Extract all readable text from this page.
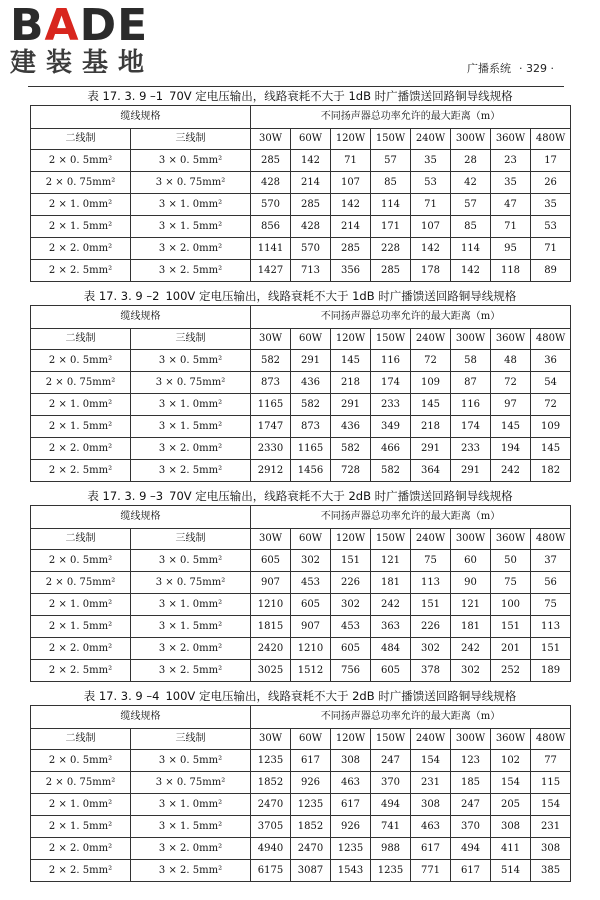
B A DE
建装基地	广播系统 · 329 ·
表 17. 3. 9 –1 70V 定电压输出，线路衰耗不大于 1dB 时广播馈送回路铜导线规格
缆线规格		不同扬声器总功率允许的最大距离（m）							
二线制	三线制	30W	60W	120W	150W	240W	300W	360W	480W
2 × 0. 5mm²	3 × 0. 5mm²	285	142	71	57	35	28	23	17
2 × 0. 75mm²	3 × 0. 75mm²	428	214	107	85	53	42	35	26
2 × 1. 0mm²	3 × 1. 0mm²	570	285	142	114	71	57	47	35
2 × 1. 5mm²	3 × 1. 5mm²	856	428	214	171	107	85	71	53
2 × 2. 0mm²	3 × 2. 0mm²	1141	570	285	228	142	114	95	71
2 × 2. 5mm²	3 × 2. 5mm²	1427	713	356	285	178	142	118	89
表 17. 3. 9 –2 100V 定电压输出，线路衰耗不大于 1dB 时广播馈送回路铜导线规格
缆线规格		不同扬声器总功率允许的最大距离（m）							
二线制	三线制	30W	60W	120W	150W	240W	300W	360W	480W
2 × 0. 5mm²	3 × 0. 5mm²	582	291	145	116	72	58	48	36
2 × 0. 75mm²	3 × 0. 75mm²	873	436	218	174	109	87	72	54
2 × 1. 0mm²	3 × 1. 0mm²	1165	582	291	233	145	116	97	72
2 × 1. 5mm²	3 × 1. 5mm²	1747	873	436	349	218	174	145	109
2 × 2. 0mm²	3 × 2. 0mm²	2330	1165	582	466	291	233	194	145
2 × 2. 5mm²	3 × 2. 5mm²	2912	1456	728	582	364	291	242	182
表 17. 3. 9 –3 70V 定电压输出，线路衰耗不大于 2dB 时广播馈送回路铜导线规格
缆线规格		不同扬声器总功率允许的最大距离（m）							
二线制	三线制	30W	60W	120W	150W	240W	300W	360W	480W
2 × 0. 5mm²	3 × 0. 5mm²	605	302	151	121	75	60	50	37
2 × 0. 75mm²	3 × 0. 75mm²	907	453	226	181	113	90	75	56
2 × 1. 0mm²	3 × 1. 0mm²	1210	605	302	242	151	121	100	75
2 × 1. 5mm²	3 × 1. 5mm²	1815	907	453	363	226	181	151	113
2 × 2. 0mm²	3 × 2. 0mm²	2420	1210	605	484	302	242	201	151
2 × 2. 5mm²	3 × 2. 5mm²	3025	1512	756	605	378	302	252	189
表 17. 3. 9 –4 100V 定电压输出，线路衰耗不大于 2dB 时广播馈送回路铜导线规格
缆线规格		不同扬声器总功率允许的最大距离（m）							
二线制	三线制	30W	60W	120W	150W	240W	300W	360W	480W
2 × 0. 5mm²	3 × 0. 5mm²	1235	617	308	247	154	123	102	77
2 × 0. 75mm²	3 × 0. 75mm²	1852	926	463	370	231	185	154	115
2 × 1. 0mm²	3 × 1. 0mm²	2470	1235	617	494	308	247	205	154
2 × 1. 5mm²	3 × 1. 5mm²	3705	1852	926	741	463	370	308	231
2 × 2. 0mm²	3 × 2. 0mm²	4940	2470	1235	988	617	494	411	308
2 × 2. 5mm²	3 × 2. 5mm²	6175	3087	1543	1235	771	617	514	385
